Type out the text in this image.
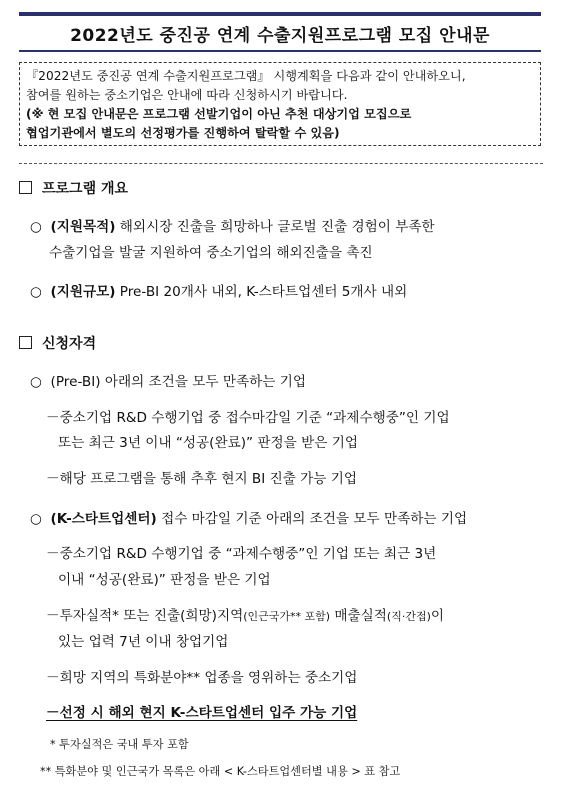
2022년도 중진공 연계 수출지원프로그램 모집 안내문
『2022년도 중진공 연계 수출지원프로그램』 시행계획을 다음과 같이 안내하오니,
참여를 원하는 중소기업은 안내에 따라 신청하시기 바랍니다.
(※ 현 모집 안내문은 프로그램 선발기업이 아닌 추천 대상기업 모집으로
협업기관에서 별도의 선정평가를 진행하여 탈락할 수 있음)
프로그램 개요
○ (지원목적) 해외시장 진출을 희망하나 글로벌 진출 경험이 부족한
수출기업을 발굴 지원하여 중소기업의 해외진출을 촉진
○ (지원규모) Pre-BI 20개사 내외, K-스타트업센터 5개사 내외
신청자격
○ (Pre-BI) 아래의 조건을 모두 만족하는 기업
－중소기업 R&D 수행기업 중 접수마감일 기준 “과제수행중”인 기업
또는 최근 3년 이내 “성공(완료)” 판정을 받은 기업
－해당 프로그램을 통해 추후 현지 BI 진출 가능 기업
○ (K-스타트업센터) 접수 마감일 기준 아래의 조건을 모두 만족하는 기업
－중소기업 R&D 수행기업 중 “과제수행중”인 기업 또는 최근 3년
이내 “성공(완료)” 판정을 받은 기업
－투자실적* 또는 진출(희망)지역(인근국가** 포함) 매출실적(직·간접)이
있는 업력 7년 이내 창업기업
－희망 지역의 특화분야** 업종을 영위하는 중소기업
－선정 시 해외 현지 K-스타트업센터 입주 가능 기업
* 투자실적은 국내 투자 포함
** 특화분야 및 인근국가 목록은 아래 < K-스타트업센터별 내용 > 표 참고
